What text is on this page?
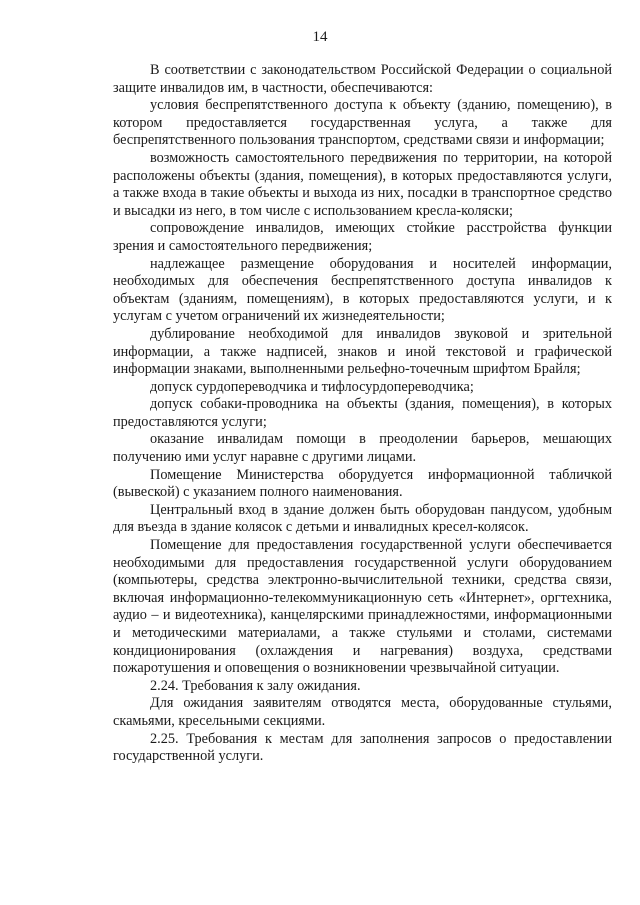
14

В соответствии с законодательством Российской Федерации о социальной защите инвалидов им, в частности, обеспечиваются:

условия беспрепятственного доступа к объекту (зданию, помещению), в котором предоставляется государственная услуга, а также для беспрепятственного пользования транспортом, средствами связи и информации;

возможность самостоятельного передвижения по территории, на которой расположены объекты (здания, помещения), в которых предоставляются услуги, а также входа в такие объекты и выхода из них, посадки в транспортное средство и высадки из него, в том числе с использованием кресла-коляски;

сопровождение инвалидов, имеющих стойкие расстройства функции зрения и самостоятельного передвижения;

надлежащее размещение оборудования и носителей информации, необходимых для обеспечения беспрепятственного доступа инвалидов к объектам (зданиям, помещениям), в которых предоставляются услуги, и к услугам с учетом ограничений их жизнедеятельности;

дублирование необходимой для инвалидов звуковой и зрительной информации, а также надписей, знаков и иной текстовой и графической информации знаками, выполненными рельефно-точечным шрифтом Брайля;

допуск сурдопереводчика и тифлосурдопереводчика;

допуск собаки-проводника на объекты (здания, помещения), в которых предоставляются услуги;

оказание инвалидам помощи в преодолении барьеров, мешающих получению ими услуг наравне с другими лицами.

Помещение Министерства оборудуется информационной табличкой (вывеской) с указанием полного наименования.

Центральный вход в здание должен быть оборудован пандусом, удобным для въезда в здание колясок с детьми и инвалидных кресел-колясок.

Помещение для предоставления государственной услуги обеспечивается необходимыми для предоставления государственной услуги оборудованием (компьютеры, средства электронно-вычислительной техники, средства связи, включая информационно-телекоммуникационную сеть «Интернет», оргтехника, аудио – и видеотехника), канцелярскими принадлежностями, информационными и методическими материалами, а также стульями и столами, системами кондиционирования (охлаждения и нагревания) воздуха, средствами пожаротушения и оповещения о возникновении чрезвычайной ситуации.

2.24. Требования к залу ожидания.

Для ожидания заявителям отводятся места, оборудованные стульями, скамьями, кресельными секциями.

2.25. Требования к местам для заполнения запросов о предоставлении государственной услуги.
